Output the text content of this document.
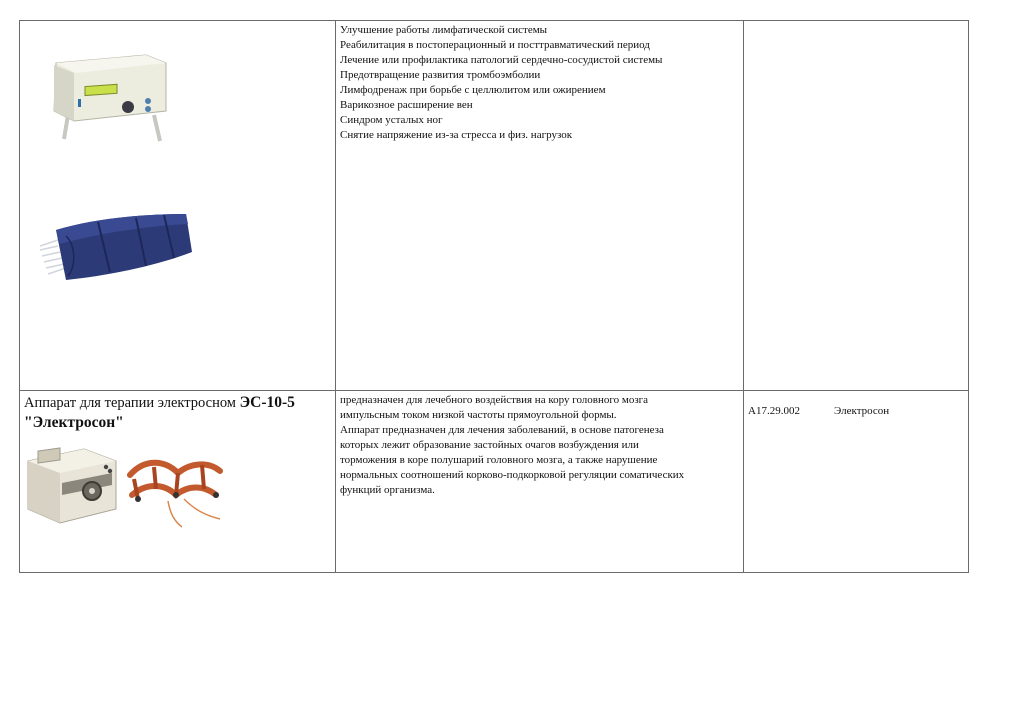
Улучшение работы лимфатической системы
Реабилитация в постоперационный и посттравматический период
Лечение или профилактика патологий сердечно-сосудистой системы
Предотвращение развития тромбоэмболии
Лимфодренаж при борьбе с целлюлитом или ожирением
Варикозное расширение вен
Синдром усталых ног
Снятие напряжение из-за стресса и физ. нагрузок
Аппарат для терапии электросном ЭС-10-5 "Электросон"
предназначен для лечебного воздействия на кору головного мозга
импульсным током низкой частоты прямоугольной формы.
Аппарат предназначен для лечения заболеваний, в основе патогенеза
которых лежит образование застойных очагов возбуждения или
торможения в коре полушарий головного мозга, а также нарушение
нормальных соотношений корково-подкорковой регуляции соматических
функций организма.
А17.29.002	Электросон
